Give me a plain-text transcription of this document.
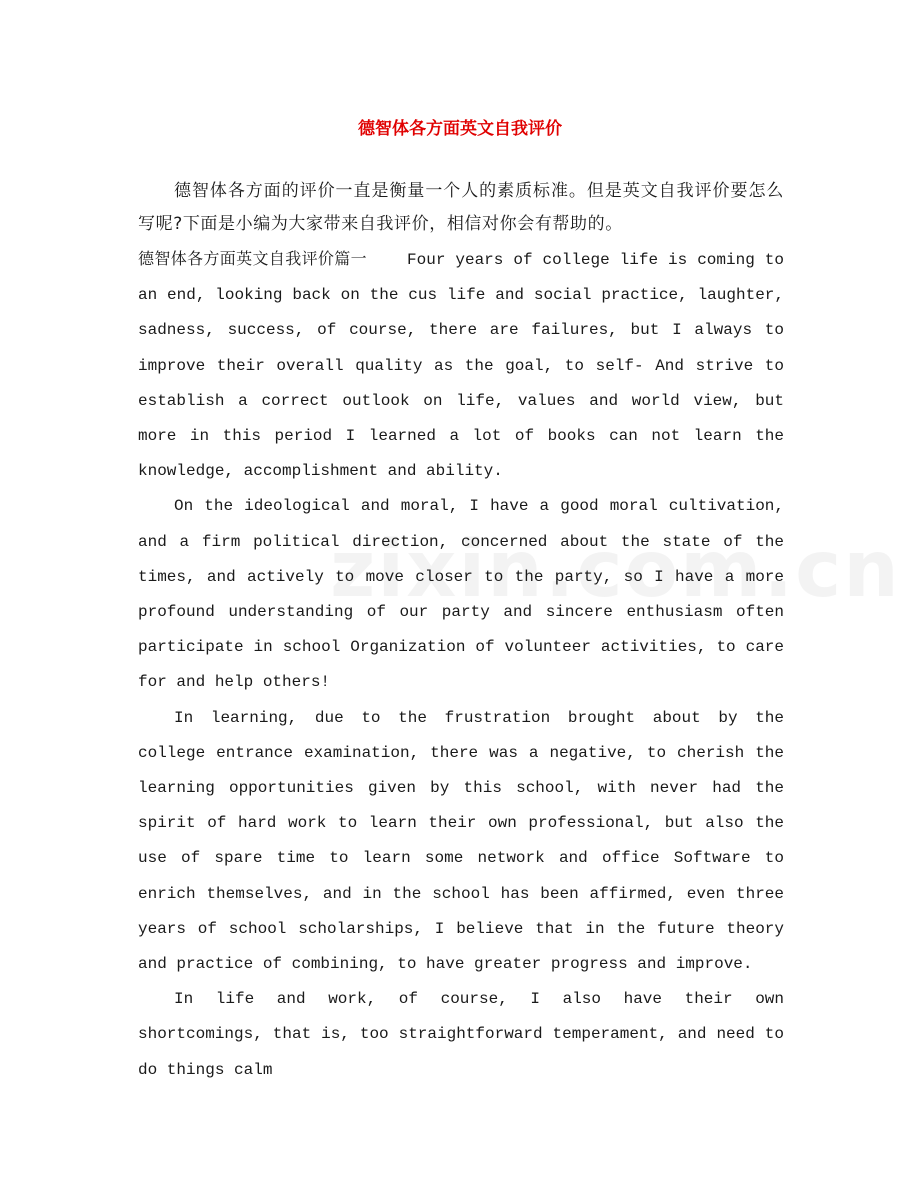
德智体各方面英文自我评价

德智体各方面的评价一直是衡量一个人的素质标准。但是英文自我评价要怎么写呢?下面是小编为大家带来自我评价，相信对你会有帮助的。

德智体各方面英文自我评价篇一	Four years of college life is coming to an end, looking back on the cus life and social practice, laughter, sadness, success, of course, there are failures, but I always to improve their overall quality as the goal, to self- And strive to establish a correct outlook on life, values and world view, but more in this period I learned a lot of books can not learn the knowledge, accomplishment and ability.

On the ideological and moral, I have a good moral cultivation, and a firm political direction, concerned about the state of the times, and actively to move closer to the party, so I have a more profound understanding of our party and sincere enthusiasm often participate in school Organization of volunteer activities, to care for and help others!

In learning, due to the frustration brought about by the college entrance examination, there was a negative, to cherish the learning opportunities given by this school, with never had the spirit of hard work to learn their own professional, but also the use of spare time to learn some network and office Software to enrich themselves, and in the school has been affirmed, even three years of school scholarships, I believe that in the future theory and practice of combining, to have greater progress and improve.

In life and work, of course, I also have their own shortcomings, that is, too straightforward temperament, and need to do things calm
